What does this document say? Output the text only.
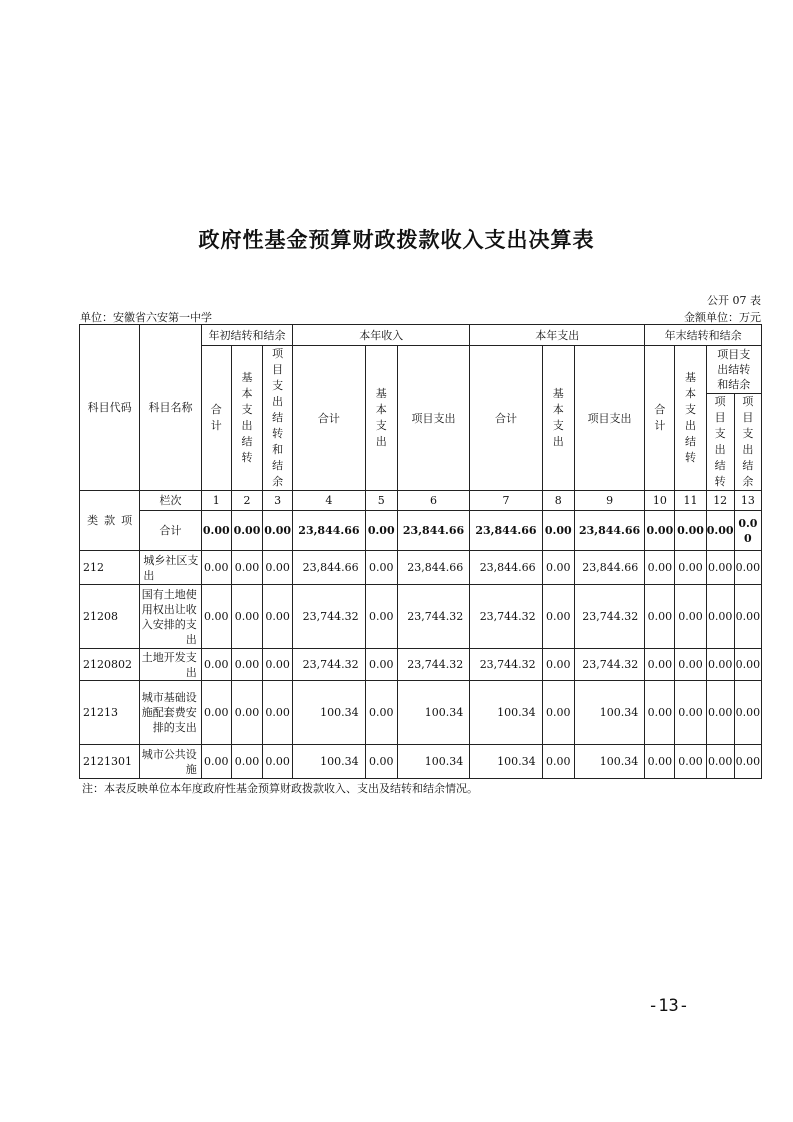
政府性基金预算财政拨款收入支出决算表
公开 07 表
单位：安徽省六安第一中学	金额单位：万元
科目代码	科目名称	年初结转和结余			本年收入			本年支出			年末结转和结余			
		合计	基本支出结转	项目支出结转和结余	合计	基本支出	项目支出	合计	基本支出	项目支出	合计	基本支出结转	项目支出结转和结余	
													项目支出结转	项目支出结余
类 款 项	栏次	1	2	3	4	5	6	7	8	9	10	11	12	13
	合计	0.00	0.00	0.00	23,844.66	0.00	23,844.66	23,844.66	0.00	23,844.66	0.00	0.00	0.00	0.00
212	城乡社区支出	0.00	0.00	0.00	23,844.66	0.00	23,844.66	23,844.66	0.00	23,844.66	0.00	0.00	0.00	0.00
21208	国有土地使用权出让收入安排的支出	0.00	0.00	0.00	23,744.32	0.00	23,744.32	23,744.32	0.00	23,744.32	0.00	0.00	0.00	0.00
2120802	土地开发支出	0.00	0.00	0.00	23,744.32	0.00	23,744.32	23,744.32	0.00	23,744.32	0.00	0.00	0.00	0.00
21213	城市基础设施配套费安排的支出	0.00	0.00	0.00	100.34	0.00	100.34	100.34	0.00	100.34	0.00	0.00	0.00	0.00
2121301	城市公共设施	0.00	0.00	0.00	100.34	0.00	100.34	100.34	0.00	100.34	0.00	0.00	0.00	0.00
注：本表反映单位本年度政府性基金预算财政拨款收入、支出及结转和结余情况。
-13-
